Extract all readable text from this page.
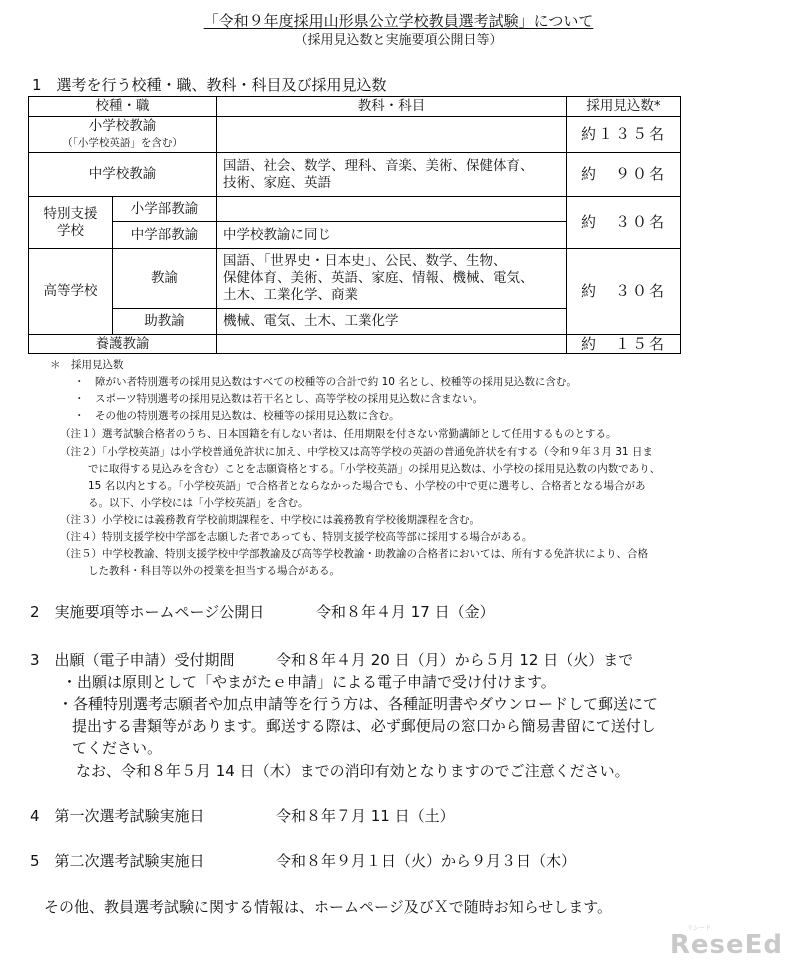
「令和９年度採用山形県公立学校教員選考試験」について
（採用見込数と実施要項公開日等）
1　選考を行う校種・職、教科・科目及び採用見込数
校種・職		教科・科目	採用見込数*

小学校教諭
（「小学校英語」を含む）			約１３５名
中学校教諭		国語、社会、数学、理科、音楽、美術、保健体育、
技術、家庭、英語	約　９０名

特別支援
学校	小学部教諭		約　３０名
	中学部教諭	中学校教諭に同じ	
高等学校	教諭	国語、「世界史・日本史」、公民、数学、生物、
保健体育、美術、英語、家庭、情報、機械、電気、
土木、工業化学、商業	約　３０名
	助教諭	機械、電気、土木、工業化学	
養護教諭			約　１５名
＊　採用見込数
・　障がい者特別選考の採用見込数はすべての校種等の合計で約 10 名とし、校種等の採用見込数に含む。
・　スポーツ特別選考の採用見込数は若干名とし、高等学校の採用見込数に含まない。
・　その他の特別選考の採用見込数は、校種等の採用見込数に含む。
（注１）選考試験合格者のうち、日本国籍を有しない者は、任用期限を付さない常勤講師として任用するものとする。
（注２）「小学校英語」は小学校普通免許状に加え、中学校又は高等学校の英語の普通免許状を有する（令和９年３月 31 日ま
でに取得する見込みを含む）ことを志願資格とする。「小学校英語」の採用見込数は、小学校の採用見込数の内数であり、
15 名以内とする。「小学校英語」で合格者とならなかった場合でも、小学校の中で更に選考し、合格者となる場合があ
る。以下、小学校には「小学校英語」を含む。
（注３）小学校には義務教育学校前期課程を、中学校には義務教育学校後期課程を含む。
（注４）特別支援学校中学部を志願した者であっても、特別支援学校高等部に採用する場合がある。
（注５）中学校教諭、特別支援学校中学部教諭及び高等学校教諭・助教諭の合格者においては、所有する免許状により、合格
した教科・科目等以外の授業を担当する場合がある。
2　実施要項等ホームページ公開日	令和８年４月 17 日（金）
3　出願（電子申請）受付期間	令和８年４月 20 日（月）から５月 12 日（火）まで
・出願は原則として「やまがたｅ申請」による電子申請で受け付けます。
・各種特別選考志願者や加点申請等を行う方は、各種証明書やダウンロードして郵送にて
提出する書類等があります。郵送する際は、必ず郵便局の窓口から簡易書留にて送付し
てください。
なお、令和８年５月 14 日（木）までの消印有効となりますのでご注意ください。
4　第一次選考試験実施日	令和８年７月 11 日（土）
5　第二次選考試験実施日	令和８年９月１日（火）から９月３日（木）
その他、教員選考試験に関する情報は、ホームページ及びＸで随時お知らせします。
リシード
ReseEd
